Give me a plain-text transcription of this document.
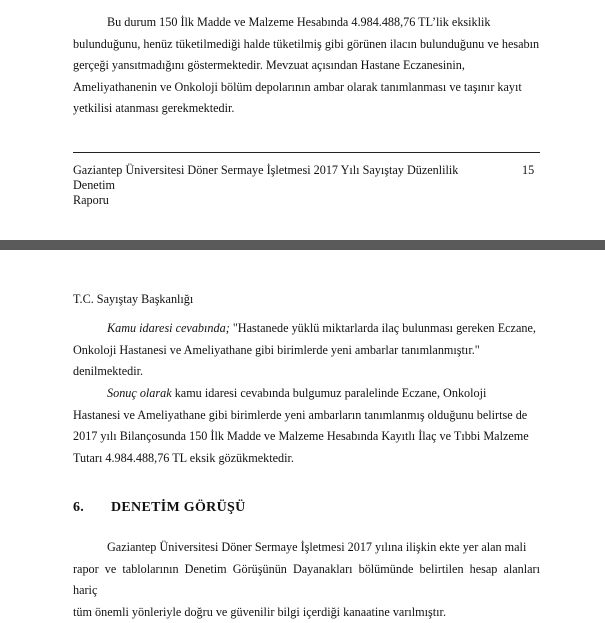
Bu durum 150 İlk Madde ve Malzeme Hesabında 4.984.488,76 TL’lik eksiklik
bulunduğunu, henüz tüketilmediği halde tüketilmiş gibi görünen ilacın bulunduğunu ve hesabın
gerçeği yansıtmadığını göstermektedir. Mevzuat açısından Hastane Eczanesinin,
Ameliyathanenin ve Onkoloji bölüm depolarının ambar olarak tanımlanması ve taşınır kayıt
yetkilisi atanması gerekmektedir.

Gaziantep Üniversitesi Döner Sermaye İşletmesi 2017 Yılı Sayıştay Düzenlilik Denetim
Raporu

15
T.C. Sayıştay Başkanlığı

Kamu idaresi cevabında; "Hastanede yüklü miktarlarda ilaç bulunması gereken Eczane,
Onkoloji Hastanesi ve Ameliyathane gibi birimlerde yeni ambarlar tanımlanmıştır."
denilmektedir.

Sonuç olarak kamu idaresi cevabında bulgumuz paralelinde Eczane, Onkoloji
Hastanesi ve Ameliyathane gibi birimlerde yeni ambarların tanımlanmış olduğunu belirtse de
2017 yılı Bilançosunda 150 İlk Madde ve Malzeme Hesabında Kayıtlı İlaç ve Tıbbi Malzeme
Tutarı 4.984.488,76 TL eksik gözükmektedir.

6. DENETİM GÖRÜŞÜ

Gaziantep Üniversitesi Döner Sermaye İşletmesi 2017 yılına ilişkin ekte yer alan mali
rapor ve tablolarının Denetim Görüşünün Dayanakları bölümünde belirtilen hesap alanları hariç
tüm önemli yönleriyle doğru ve güvenilir bilgi içerdiği kanaatine varılmıştır.
